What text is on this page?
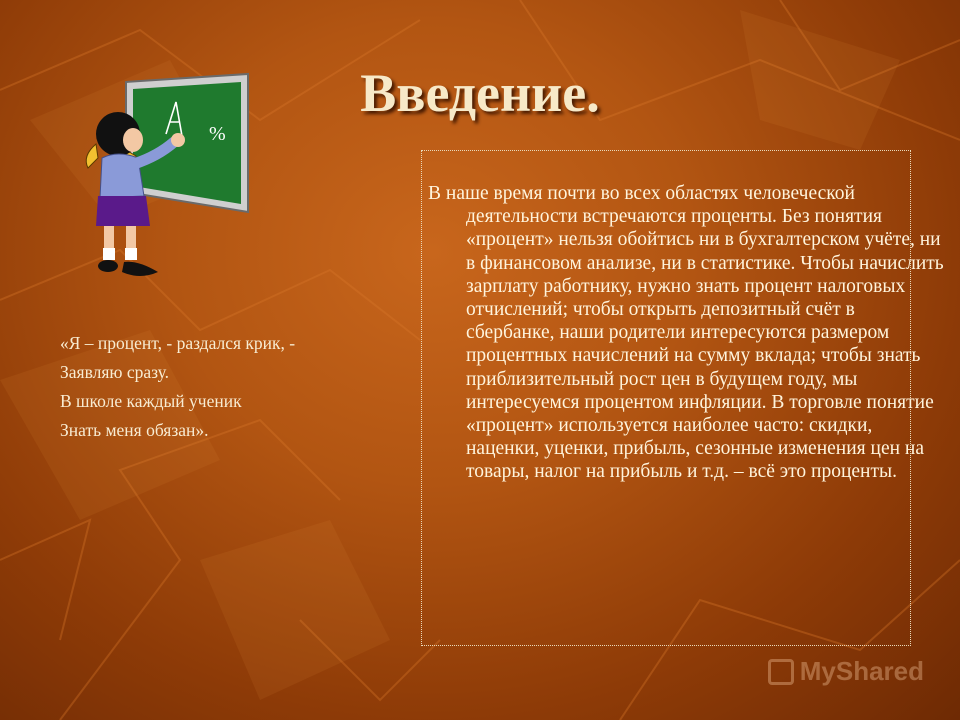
Введение.
%

«Я – процент, - раздался крик, -

Заявляю сразу.

В школе каждый ученик

Знать меня обязан».

В наше время почти во всех областях человеческой деятельности встречаются проценты. Без понятия «процент» нельзя обойтись ни в бухгалтерском учёте, ни в финансовом анализе, ни в статистике. Чтобы начислить зарплату работнику, нужно знать процент налоговых отчислений; чтобы открыть депозитный счёт в сбербанке, наши родители интересуются размером процентных начислений на сумму вклада; чтобы знать приблизительный рост цен в будущем году, мы интересуемся процентом инфляции. В торговле понятие «процент» используется наиболее часто: скидки, наценки, уценки, прибыль, сезонные изменения цен на товары, налог на прибыль и т.д. – всё это проценты.

MyShared
